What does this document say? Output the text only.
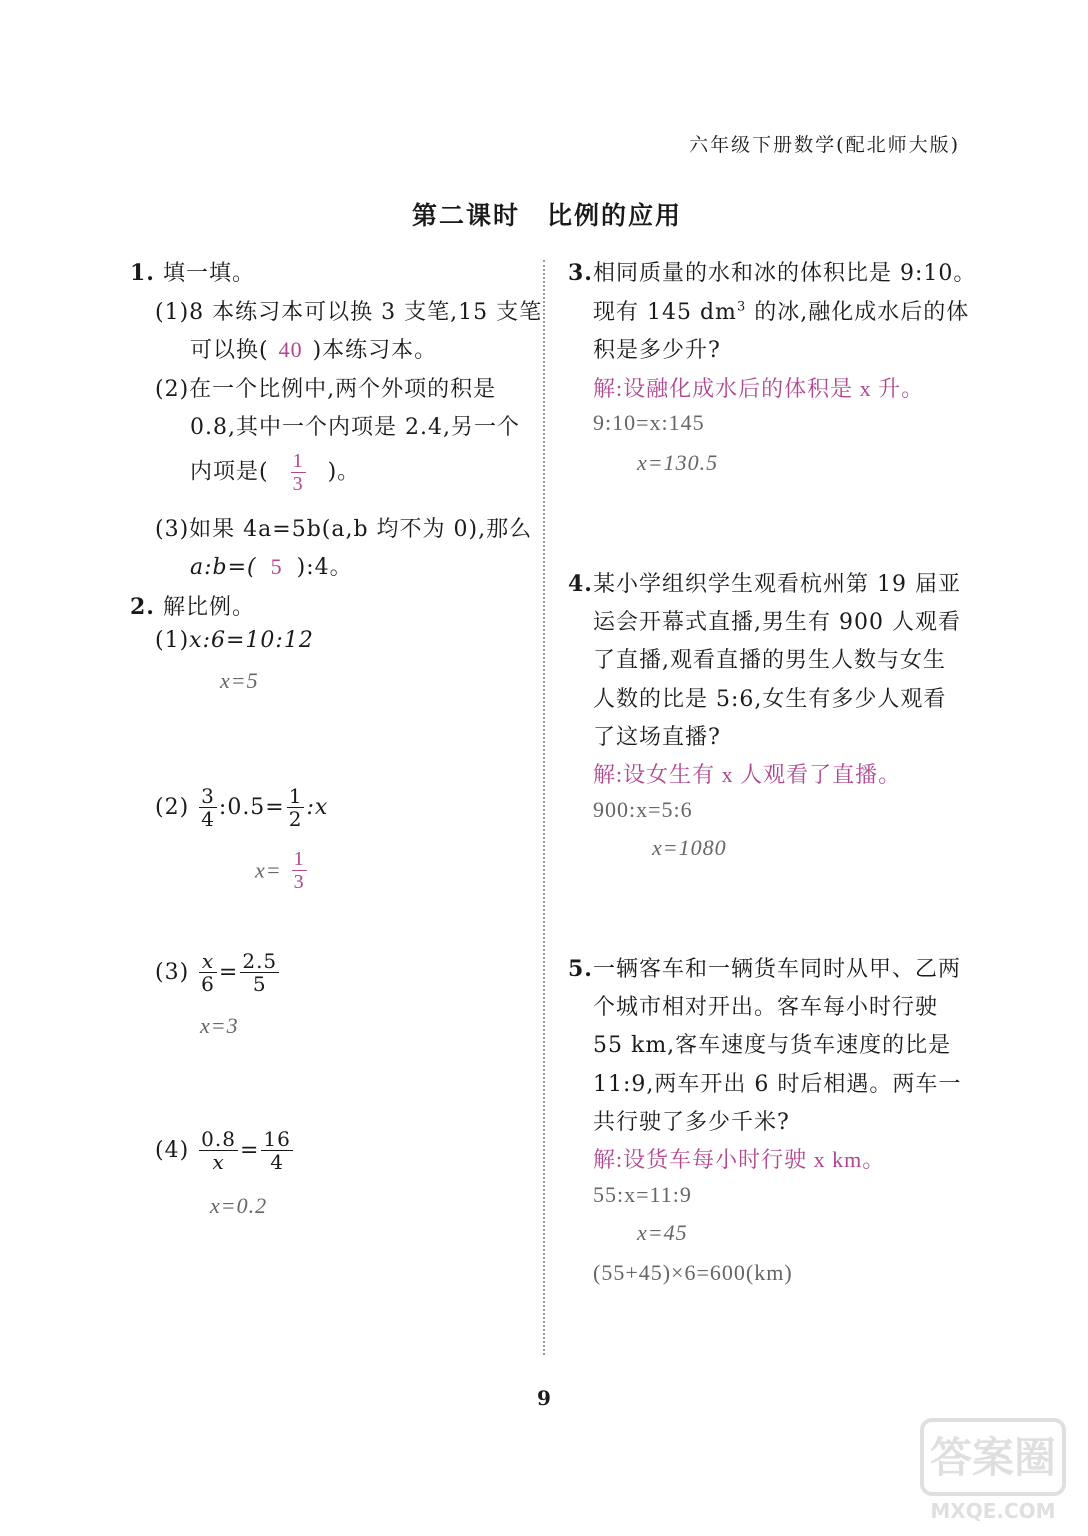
六年级下册数学(配北师大版)
第二课时　比例的应用
1. 填一填。
(1)8 本练习本可以换 3 支笔,15 支笔
可以换( 40 )本练习本。
(2)在一个比例中,两个外项的积是
0.8,其中一个内项是 2.4,另一个
内项是( $\frac{1}{3}$ )。
(3)如果 4a=5b(a,b 均不为 0),那么
a:b=( 5 ):4。
2. 解比例。
(1)x:6=10:12
x=5
$(2) \frac{3}{4}$ :0.5= $\frac{1}{2}$ :x
$x= \frac{1}{3}$
$(3) \frac{x}{6} = \frac{2.5}{5}$
x=3
$(4) \frac{0.8}{x} = \frac{16}{4}$
x=0.2
3.相同质量的水和冰的体积比是 9:10。
现有 145 $dm^3$ 的冰,融化成水后的体
积是多少升?
解:设融化成水后的体积是 x 升。
9:10=x:145
x=130.5
4.某小学组织学生观看杭州第 19 届亚
运会开幕式直播,男生有 900 人观看
了直播,观看直播的男生人数与女生
人数的比是 5:6,女生有多少人观看
了这场直播?
解:设女生有 x 人观看了直播。
900:x=5:6
x=1080
5.一辆客车和一辆货车同时从甲、乙两
个城市相对开出。客车每小时行驶
55 km,客车速度与货车速度的比是
11:9,两车开出 6 时后相遇。两车一
共行驶了多少千米?
解:设货车每小时行驶 x km。
55:x=11:9
x=45
(55+45)×6=600(km)
9
答案圈
MXQE.COM
